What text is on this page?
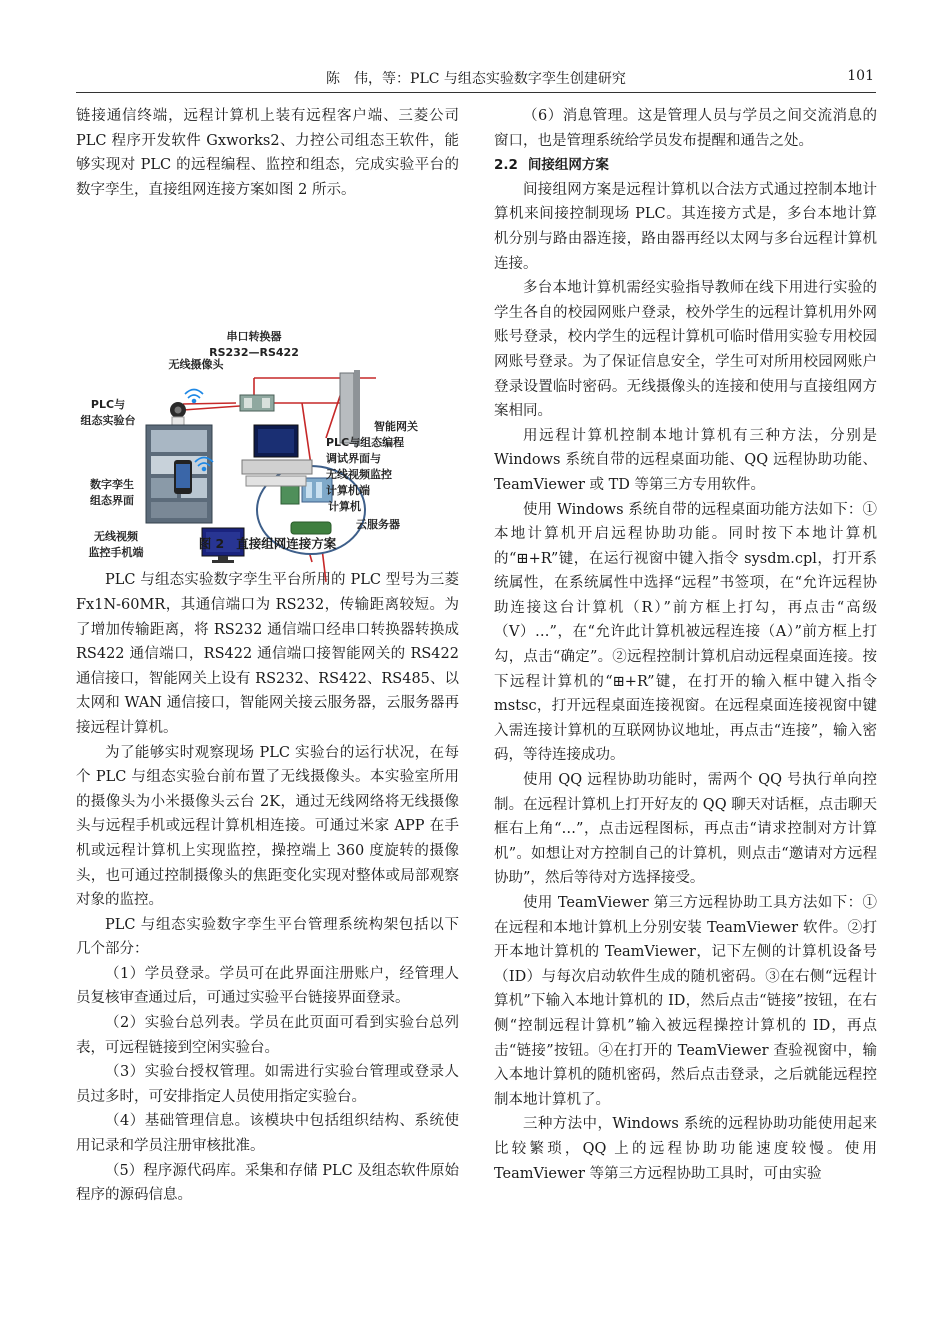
陈　伟，等：PLC 与组态实验数字孪生创建研究	101

链接通信终端，远程计算机上装有远程客户端、三菱公司 PLC 程序开发软件 Gxworks2、力控公司组态王软件，能够实现对 PLC 的远程编程、监控和组态，完成实验平台的数字孪生，直接组网连接方案如图 2 所示。

串口转换器
RS232—RS422
无线摄像头
PLC与
组态实验台	智能网关
云服务器
数字孪生
组态界面
无线视频
监控手机端
PLC与组态编程
调试界面与
无线视频监控
计算机端
计算机
图 2 直接组网连接方案

PLC 与组态实验数字孪生平台所用的 PLC 型号为三菱 Fx1N-60MR，其通信端口为 RS232，传输距离较短。为了增加传输距离，将 RS232 通信端口经串口转换器转换成 RS422 通信端口，RS422 通信端口接智能网关的 RS422 通信接口，智能网关上设有 RS232、RS422、RS485、以太网和 WAN 通信接口，智能网关接云服务器，云服务器再接远程计算机。

为了能够实时观察现场 PLC 实验台的运行状况，在每个 PLC 与组态实验台前布置了无线摄像头。本实验室所用的摄像头为小米摄像头云台 2K，通过无线网络将无线摄像头与远程手机或远程计算机相连接。可通过米家 APP 在手机或远程计算机上实现监控，操控端上 360 度旋转的摄像头，也可通过控制摄像头的焦距变化实现对整体或局部观察对象的监控。

PLC 与组态实验数字孪生平台管理系统构架包括以下几个部分：

（1）学员登录。学员可在此界面注册账户，经管理人员复核审查通过后，可通过实验平台链接界面登录。

（2）实验台总列表。学员在此页面可看到实验台总列表，可远程链接到空闲实验台。

（3）实验台授权管理。如需进行实验台管理或登录人员过多时，可安排指定人员使用指定实验台。

（4）基础管理信息。该模块中包括组织结构、系统使用记录和学员注册审核批准。

（5）程序源代码库。采集和存储 PLC 及组态软件原始程序的源码信息。

（6）消息管理。这是管理人员与学员之间交流消息的窗口，也是管理系统给学员发布提醒和通告之处。

2.2 间接组网方案

间接组网方案是远程计算机以合法方式通过控制本地计算机来间接控制现场 PLC。其连接方式是，多台本地计算机分别与路由器连接，路由器再经以太网与多台远程计算机连接。

多台本地计算机需经实验指导教师在线下用进行实验的学生各自的校园网账户登录，校外学生的远程计算机用外网账号登录，校内学生的远程计算机可临时借用实验专用校园网账号登录。为了保证信息安全，学生可对所用校园网账户登录设置临时密码。无线摄像头的连接和使用与直接组网方案相同。

用远程计算机控制本地计算机有三种方法，分别是 Windows 系统自带的远程桌面功能、QQ 远程协助功能、TeamViewer 或 TD 等第三方专用软件。

使用 Windows 系统自带的远程桌面功能方法如下：①本地计算机开启远程协助功能。同时按下本地计算机的“⊞+R”键，在运行视窗中键入指令 sysdm.cpl，打开系统属性，在系统属性中选择“远程”书签项，在“允许远程协助连接这台计算机（R）”前方框上打勾，再点击“高级（V）…”，在“允许此计算机被远程连接（A）”前方框上打勾，点击“确定”。②远程控制计算机启动远程桌面连接。按下远程计算机的“⊞+R”键，在打开的输入框中键入指令 mstsc，打开远程桌面连接视窗。在远程桌面连接视窗中键入需连接计算机的互联网协议地址，再点击“连接”，输入密码，等待连接成功。

使用 QQ 远程协助功能时，需两个 QQ 号执行单向控制。在远程计算机上打开好友的 QQ 聊天对话框，点击聊天框右上角“…”，点击远程图标，再点击“请求控制对方计算机”。如想让对方控制自己的计算机，则点击“邀请对方远程协助”，然后等待对方选择接受。

使用 TeamViewer 第三方远程协助工具方法如下：①在远程和本地计算机上分别安装 TeamViewer 软件。②打开本地计算机的 TeamViewer，记下左侧的计算机设备号（ID）与每次启动软件生成的随机密码。③在右侧“远程计算机”下输入本地计算机的 ID，然后点击“链接”按钮，在右侧“控制远程计算机”输入被远程操控计算机的 ID，再点击“链接”按钮。④在打开的 TeamViewer 查验视窗中，输入本地计算机的随机密码，然后点击登录，之后就能远程控制本地计算机了。

三种方法中，Windows 系统的远程协助功能使用起来比较繁琐，QQ 上的远程协助功能速度较慢。使用 TeamViewer 等第三方远程协助工具时，可由实验
